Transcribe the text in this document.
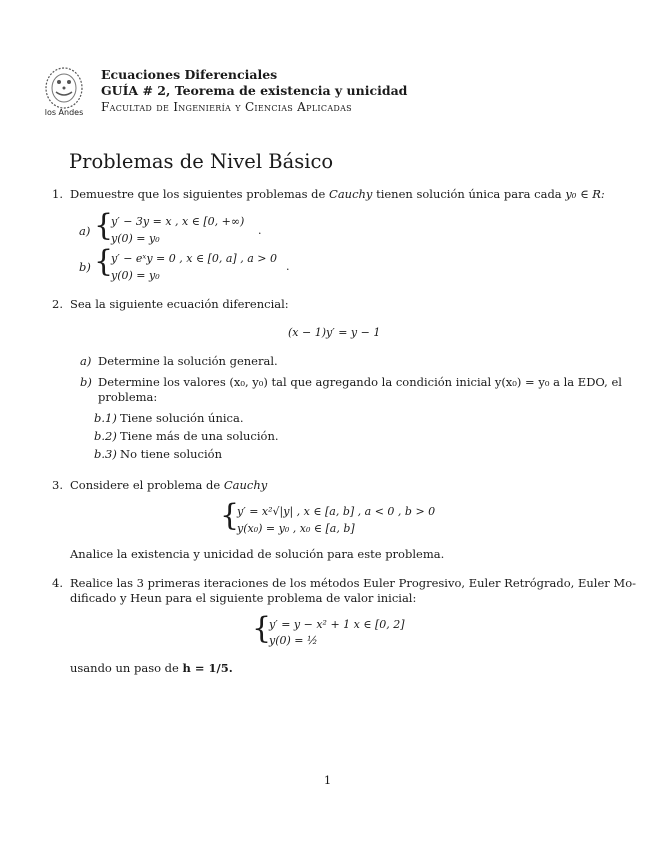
los Andes
Ecuaciones Diferenciales
GUÍA # 2, Teorema de existencia y unicidad
Facultad de Ingeniería y Ciencias Aplicadas
Problemas de Nivel Básico
1. Demuestre que los siguientes problemas de Cauchy tienen solución única para cada y₀ ∈ R:
a) {
y′ − 3y = x , x ∈ [0, +∞)
y(0) = y₀
.
b) {
y′ − eˣy = 0 , x ∈ [0, a] , a > 0
y(0) = y₀
.
2. Sea la siguiente ecuación diferencial:
(x − 1)y′ = y − 1
a) Determine la solución general.
b) Determine los valores (x₀, y₀) tal que agregando la condición inicial y(x₀) = y₀ a la EDO, el
problema:
b.1) Tiene solución única.
b.2) Tiene más de una solución.
b.3) No tiene solución
3. Considere el problema de Cauchy
{
y′ = x²√|y| , x ∈ [a, b] , a < 0 , b > 0
y(x₀) = y₀ , x₀ ∈ [a, b]
Analice la existencia y unicidad de solución para este problema.
4. Realice las 3 primeras iteraciones de los métodos Euler Progresivo, Euler Retrógrado, Euler Mo-
dificado y Heun para el siguiente problema de valor inicial:
{
y′ = y − x² + 1 x ∈ [0, 2]
y(0) = ½
usando un paso de h = 1/5.
1
